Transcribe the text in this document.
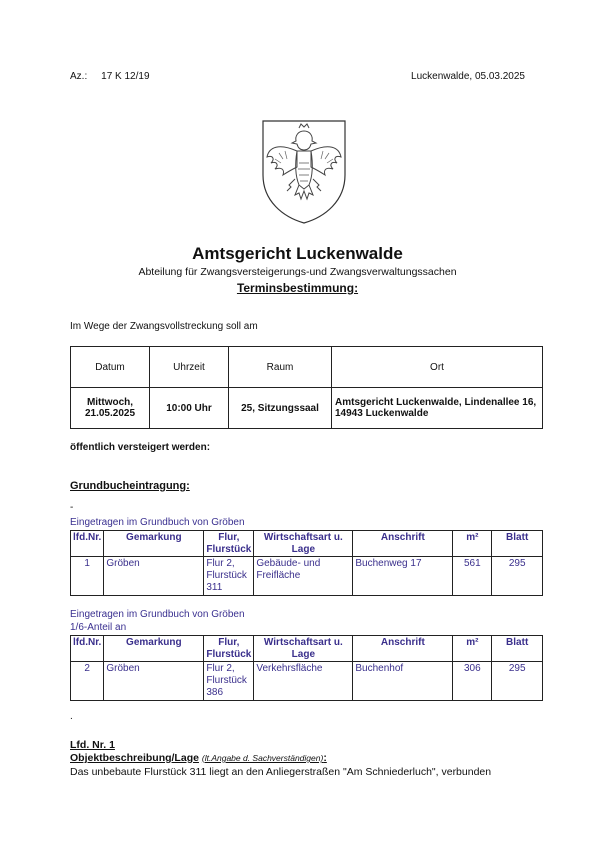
Az.: 17 K 12/19	Luckenwalde, 05.03.2025
Amtsgericht Luckenwalde
Abteilung für Zwangsversteigerungs-und Zwangsverwaltungssachen
Terminsbestimmung:
Im Wege der Zwangsvollstreckung soll am
Datum	Uhrzeit	Raum	Ort
Mittwoch, 21.05.2025	10:00 Uhr	25, Sitzungssaal	Amtsgericht Luckenwalde, Lindenallee 16, 14943 Luckenwalde
öffentlich versteigert werden:
Grundbucheintragung:
-
Eingetragen im Grundbuch von Gröben
lfd.Nr.	Gemarkung	Flur, Flurstück	Wirtschaftsart u. Lage	Anschrift	m²	Blatt
1	Gröben	Flur 2, Flurstück 311	Gebäude- und Freifläche	Buchenweg 17	561	295
Eingetragen im Grundbuch von Gröben
1/6-Anteil an
lfd.Nr.	Gemarkung	Flur, Flurstück	Wirtschaftsart u. Lage	Anschrift	m²	Blatt
2	Gröben	Flur 2, Flurstück 386	Verkehrsfläche	Buchenhof	306	295
.
Lfd. Nr. 1
Objektbeschreibung/Lage (lt.Angabe d. Sachverständigen):
Das unbebaute Flurstück 311 liegt an den Anliegerstraßen "Am Schniederluch", verbunden
